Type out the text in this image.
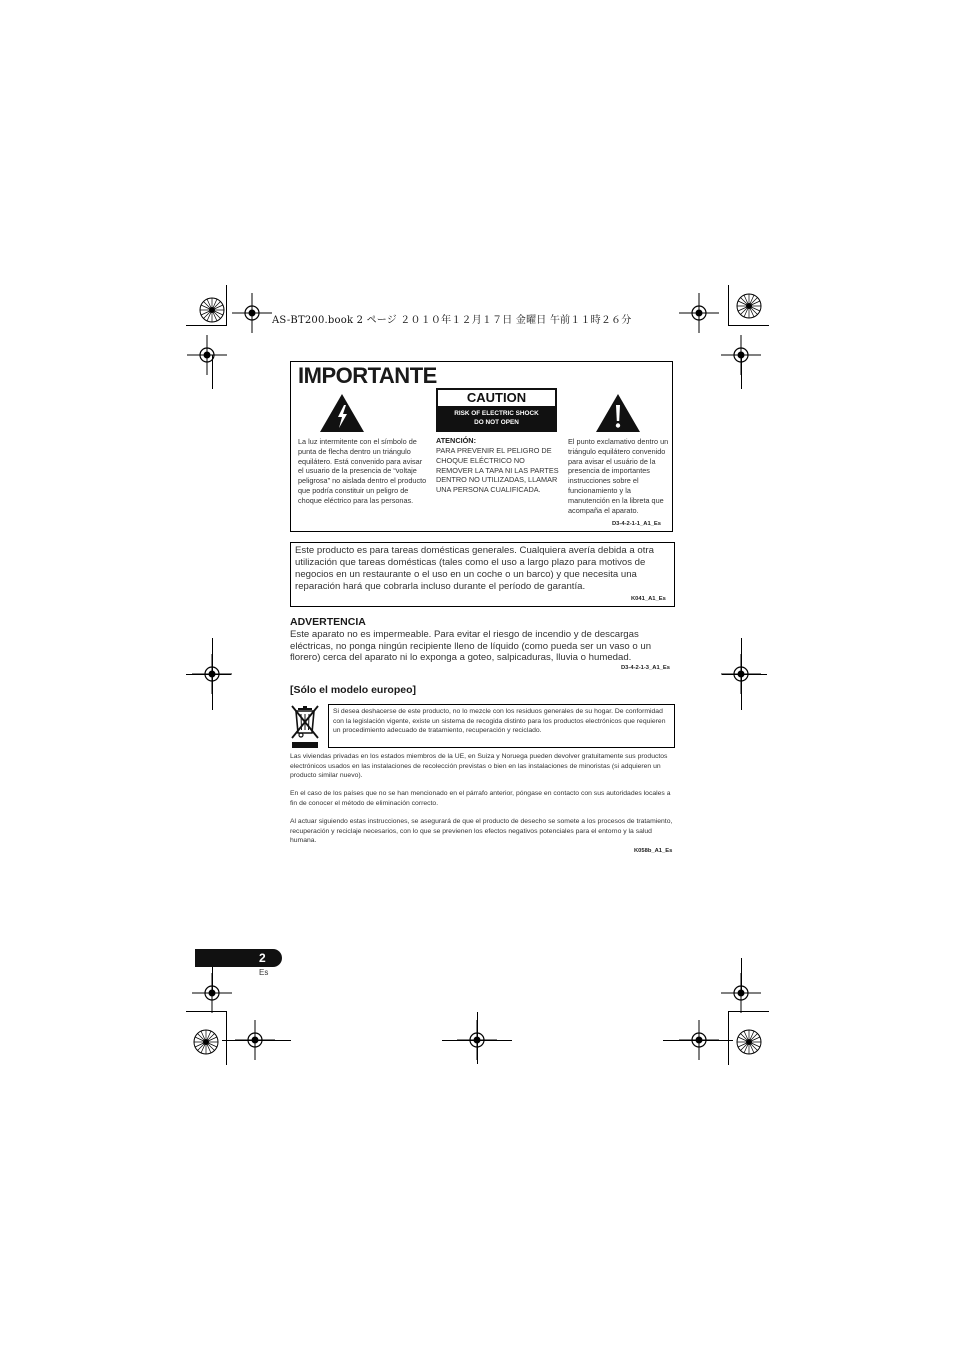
AS-BT200.book 2 ページ ２０１０年１２月１７日 金曜日 午前１１時２６分
IMPORTANTE
La luz intermitente con el símbolo de punta de flecha dentro un triángulo equilátero. Está convenido para avisar el usuario de la presencia de “voltaje peligrosa” no aislada dentro el producto que podría constituir un peligro de choque eléctrico para las personas.
CAUTION
RISK OF ELECTRIC SHOCK
DO NOT OPEN
ATENCIÓN:
PARA PREVENIR EL PELIGRO DE CHOQUE ELÉCTRICO NO REMOVER LA TAPA NI LAS PARTES DENTRO NO UTILIZADAS, LLAMAR UNA PERSONA CUALIFICADA.
El punto exclamativo dentro un triángulo equilátero convenido para avisar el usuário de la presencia de importantes instrucciones sobre el funcionamiento y la manutención en la libreta que acompaña el aparato.
D3-4-2-1-1_A1_Es
Este producto es para tareas domésticas generales. Cualquiera avería debida a otra utilización que tareas domésticas (tales como el uso a largo plazo para motivos de negocios en un restaurante o el uso en un coche o un barco) y que necesita una reparación hará que cobrarla incluso durante el período de garantía.
K041_A1_Es
ADVERTENCIA
Este aparato no es impermeable. Para evitar el riesgo de incendio y de descargas eléctricas, no ponga ningún recipiente lleno de líquido (como pueda ser un vaso o un florero) cerca del aparato ni lo exponga a goteo, salpicaduras, lluvia o humedad.
D3-4-2-1-3_A1_Es
[Sólo el modelo europeo]
Si desea deshacerse de este producto, no lo mezcle con los residuos generales de su hogar. De conformidad con la legislación vigente, existe un sistema de recogida distinto para los productos electrónicos que requieren un procedimiento adecuado de tratamiento, recuperación y reciclado.
Las viviendas privadas en los estados miembros de la UE, en Suiza y Noruega pueden devolver gratuitamente sus productos electrónicos usados en las instalaciones de recolección previstas o bien en las instalaciones de minoristas (si adquieren un producto similar nuevo).
En el caso de los países que no se han mencionado en el párrafo anterior, póngase en contacto con sus autoridades locales a fin de conocer el método de eliminación correcto.
Al actuar siguiendo estas instrucciones, se asegurará de que el producto de desecho se somete a los procesos de tratamiento, recuperación y reciclaje necesarios, con lo que se previenen los efectos negativos potenciales para el entorno y la salud humana.
K058b_A1_Es
2
Es
